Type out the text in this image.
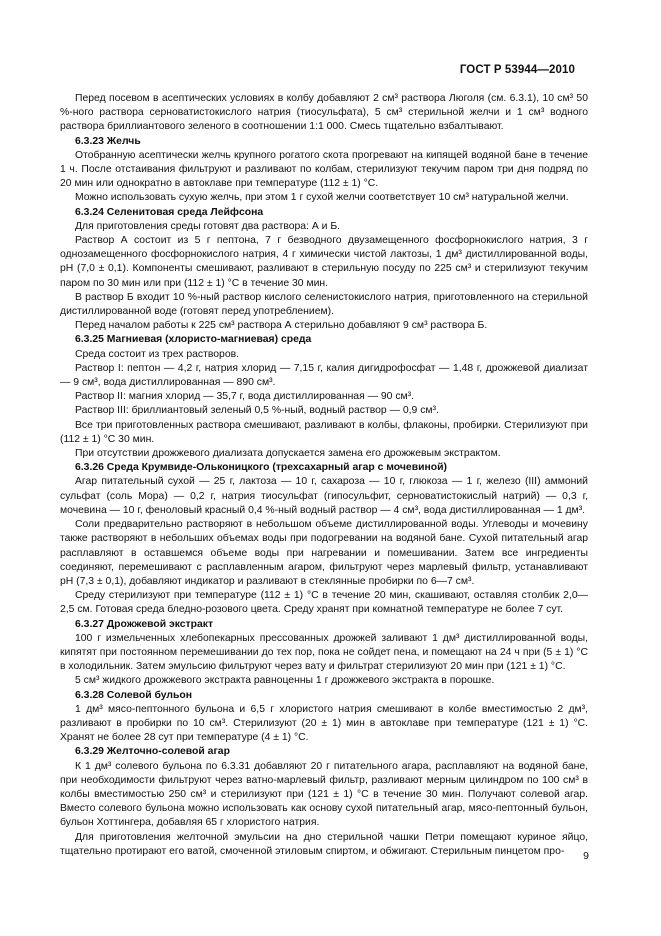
ГОСТ Р 53944—2010

Перед посевом в асептических условиях в колбу добавляют 2 см³ раствора Люголя (см. 6.3.1), 10 см³ 50 %-ного раствора серноватистокислого натрия (тиосульфата), 5 см³ стерильной желчи и 1 см³ водного раствора бриллиантового зеленого в соотношении 1:1 000. Смесь тщательно взбалтывают.

6.3.23 Желчь

Отобранную асептически желчь крупного рогатого скота прогревают на кипящей водяной бане в течение 1 ч. После отстаивания фильтруют и разливают по колбам, стерилизуют текучим паром три дня подряд по 20 мин или однократно в автоклаве при температуре (112 ± 1) °С.

Можно использовать сухую желчь, при этом 1 г сухой желчи соответствует 10 см³ натуральной желчи.

6.3.24 Селенитовая среда Лейфсона

Для приготовления среды готовят два раствора: А и Б.

Раствор А состоит из 5 г пептона, 7 г безводного двузамещенного фосфорнокислого натрия, 3 г однозамещенного фосфорнокислого натрия, 4 г химически чистой лактозы, 1 дм³ дистиллированной воды, рН (7,0 ± 0,1). Компоненты смешивают, разливают в стерильную посуду по 225 см³ и стерилизуют текучим паром по 30 мин или при (112 ± 1) °С в течение 30 мин.

В раствор Б входит 10 %-ный раствор кислого селенистокислого натрия, приготовленного на стерильной дистиллированной воде (готовят перед употреблением).

Перед началом работы к 225 см³ раствора А стерильно добавляют 9 см³ раствора Б.

6.3.25 Магниевая (хлористо-магниевая) среда

Среда состоит из трех растворов.

Раствор I: пептон — 4,2 г, натрия хлорид — 7,15 г, калия дигидрофосфат — 1,48 г, дрожжевой диализат — 9 см³, вода дистиллированная — 890 см³.

Раствор II: магния хлорид — 35,7 г, вода дистиллированная — 90 см³.

Раствор III: бриллиантовый зеленый 0,5 %-ный, водный раствор — 0,9 см³.

Все три приготовленных раствора смешивают, разливают в колбы, флаконы, пробирки. Стерилизуют при (112 ± 1) °С 30 мин.

При отсутствии дрожжевого диализата допускается замена его дрожжевым экстрактом.

6.3.26 Среда Крумвиде-Ольконицкого (трехсахарный агар с мочевиной)

Агар питательный сухой — 25 г, лактоза — 10 г, сахароза — 10 г, глюкоза — 1 г, железо (III) аммоний сульфат (соль Мора) — 0,2 г, натрия тиосульфат (гипосульфит, серноватистокислый натрий) — 0,3 г, мочевина — 10 г, феноловый красный 0,4 %-ный водный раствор — 4 см³, вода дистиллированная — 1 дм³.

Соли предварительно растворяют в небольшом объеме дистиллированной воды. Углеводы и мочевину также растворяют в небольших объемах воды при подогревании на водяной бане. Сухой питательный агар расплавляют в оставшемся объеме воды при нагревании и помешивании. Затем все ингредиенты соединяют, перемешивают с расплавленным агаром, фильтруют через марлевый фильтр, устанавливают рН (7,3 ± 0,1), добавляют индикатор и разливают в стеклянные пробирки по 6—7 см³.

Среду стерилизуют при температуре (112 ± 1) °С в течение 20 мин, скашивают, оставляя столбик 2,0—2,5 см. Готовая среда бледно-розового цвета. Среду хранят при комнатной температуре не более 7 сут.

6.3.27 Дрожжевой экстракт

100 г измельченных хлебопекарных прессованных дрожжей заливают 1 дм³ дистиллированной воды, кипятят при постоянном перемешивании до тех пор, пока не сойдет пена, и помещают на 24 ч при (5 ± 1) °С в холодильник. Затем эмульсию фильтруют через вату и фильтрат стерилизуют 20 мин при (121 ± 1) °С.

5 см³ жидкого дрожжевого экстракта равноценны 1 г дрожжевого экстракта в порошке.

6.3.28 Солевой бульон

1 дм³ мясо-пептонного бульона и 6,5 г хлористого натрия смешивают в колбе вместимостью 2 дм³, разливают в пробирки по 10 см³. Стерилизуют (20 ± 1) мин в автоклаве при температуре (121 ± 1) °С. Хранят не более 28 сут при температуре (4 ± 1) °С.

6.3.29 Желточно-солевой агар

К 1 дм³ солевого бульона по 6.3.31 добавляют 20 г питательного агара, расплавляют на водяной бане, при необходимости фильтруют через ватно-марлевый фильтр, разливают мерным цилиндром по 100 см³ в колбы вместимостью 250 см³ и стерилизуют при (121 ± 1) °С в течение 30 мин. Получают солевой агар. Вместо солевого бульона можно использовать как основу сухой питательный агар, мясо-пептонный бульон, бульон Хоттингера, добавляя 65 г хлористого натрия.

Для приготовления желточной эмульсии на дно стерильной чашки Петри помещают куриное яйцо, тщательно протирают его ватой, смоченной этиловым спиртом, и обжигают. Стерильным пинцетом про-	9
